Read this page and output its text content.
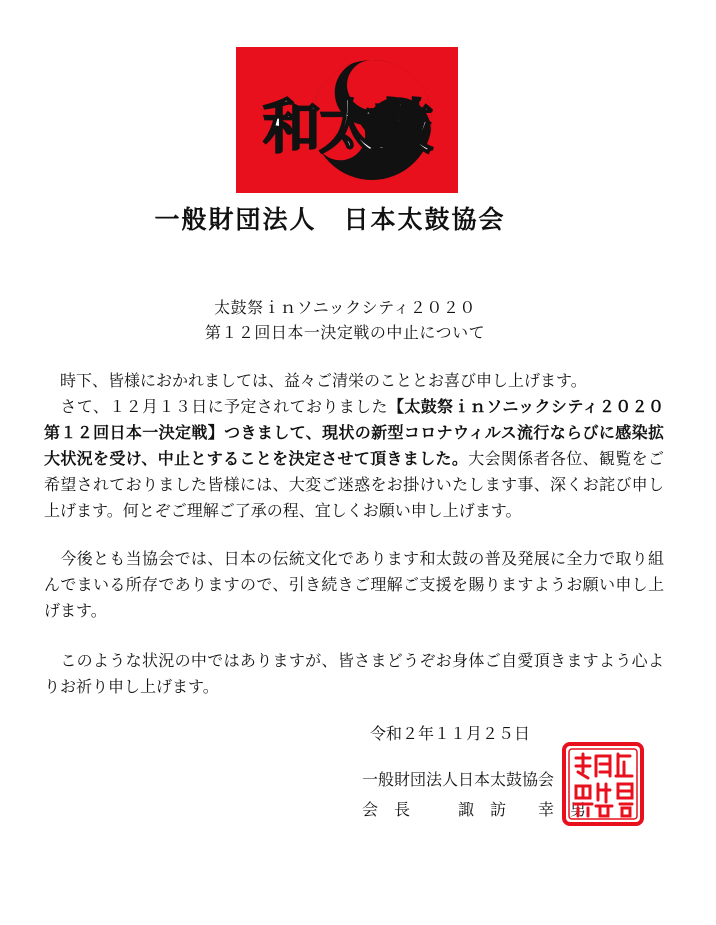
和太鼓
一般財団法人　日本太鼓協会
太鼓祭ｉｎソニックシティ２０２０
第１２回日本一決定戦の中止について

　時下、皆様におかれましては、益々ご清栄のこととお喜び申し上げます。

　さて、１２月１３日に予定されておりました【太鼓祭ｉｎソニックシティ２０２０第１２回日本一決定戦】つきまして、現状の新型コロナウィルス流行ならびに感染拡大状況を受け、中止とすることを決定させて頂きました。大会関係者各位、観覧をご希望されておりました皆様には、大変ご迷惑をお掛けいたします事、深くお詫び申し上げます。何とぞご理解ご了承の程、宜しくお願い申し上げます。

　今後とも当協会では、日本の伝統文化であります和太鼓の普及発展に全力で取り組んでまいる所存でありますので、引き続きご理解ご支援を賜りますようお願い申し上げます。

　このような状況の中ではありますが、皆さまどうぞお身体ご自愛頂きますよう心よりお祈り申し上げます。

令和２年１１月２５日
一般財団法人日本太鼓協会
会　長　　　諏　訪　　幸　男
